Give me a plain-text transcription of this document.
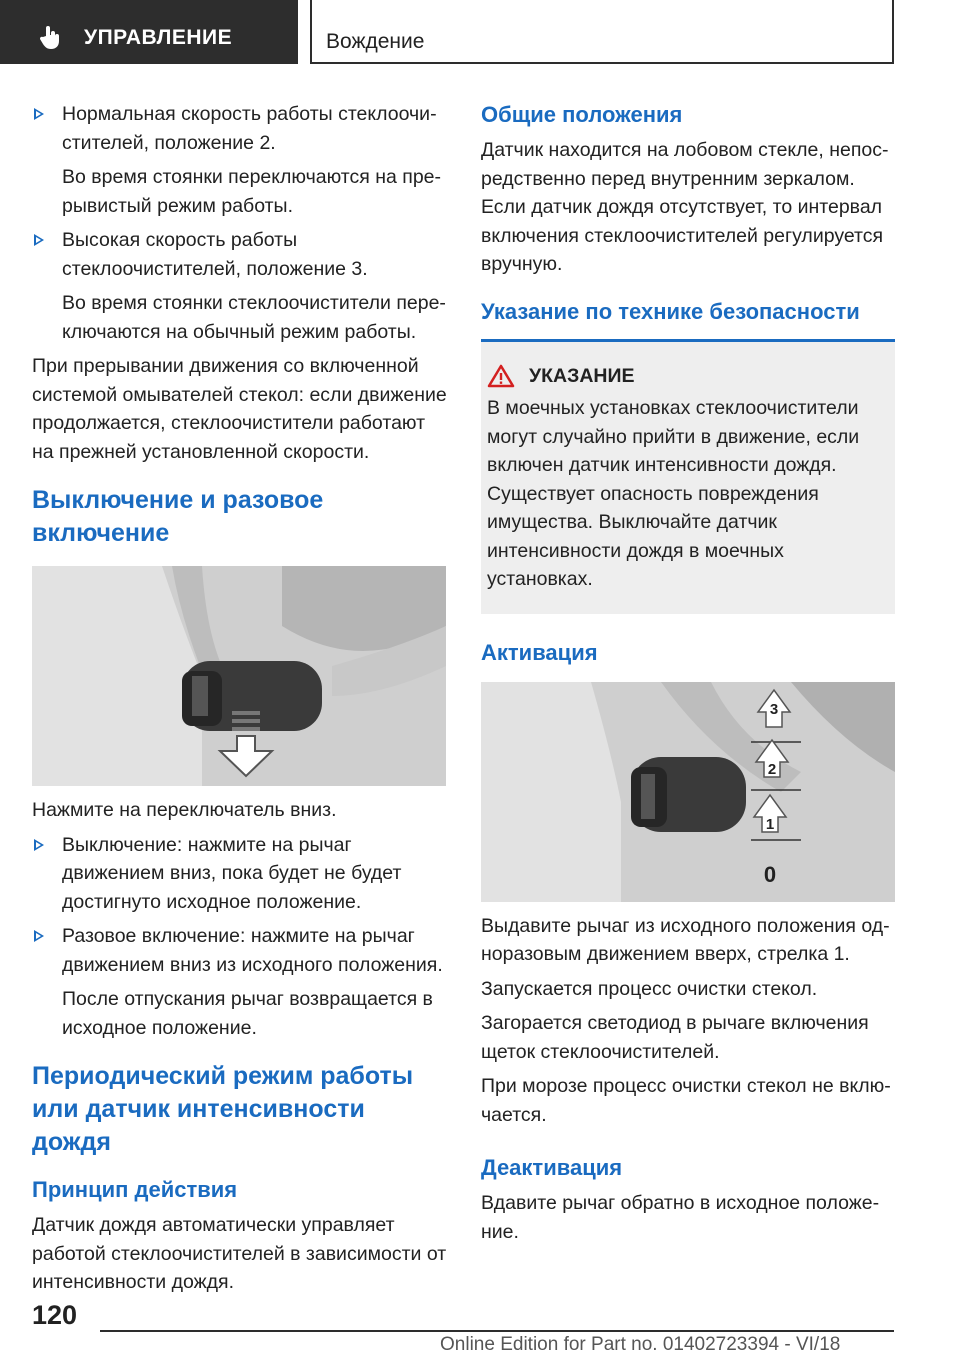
УПРАВЛЕНИЕ	Вождение
Нормальная скорость работы стеклоочистителей, положение 2.

Во время стоянки переключаются на прерывистый режим работы.

Высокая скорость работы стеклоочистителей, положение 3.

Во время стоянки стеклоочистители переключаются на обычный режим работы.

При прерывании движения со включенной системой омывателей стекол: если движение продолжается, стеклоочистители работают на прежней установленной скорости.

Выключение и разовое включение

Нажмите на переключатель вниз.

Выключение: нажмите на рычаг движением вниз, пока будет не будет достигнуто исходное положение.
Разовое включение: нажмите на рычаг движением вниз из исходного положения.

После отпускания рычаг возвращается в исходное положение.

Периодический режим работы или датчик интенсивности дождя
Принцип действия

Датчик дождя автоматически управляет работой стеклоочистителей в зависимости от интенсивности дождя.

Общие положения

Датчик находится на лобовом стекле, непосредственно перед внутренним зеркалом. Если датчик дождя отсутствует, то интервал включения стеклоочистителей регулируется вручную.

Указание по технике безопасности
УКАЗАНИЕ
В моечных установках стеклоочистители могут случайно прийти в движение, если включен датчик интенсивности дождя. Существует опасность повреждения имущества. Выключайте датчик интенсивности дождя в моечных установках.
Активация
3
2
1
0

Выдавите рычаг из исходного положения одноразовым движением вверх, стрелка 1.

Запускается процесс очистки стекол.

Загорается светодиод в рычаге включения щеток стеклоочистителей.

При морозе процесс очистки стекол не включается.

Деактивация

Вдавите рычаг обратно в исходное положение.

120
Online Edition for Part no. 01402723394 - VI/18
